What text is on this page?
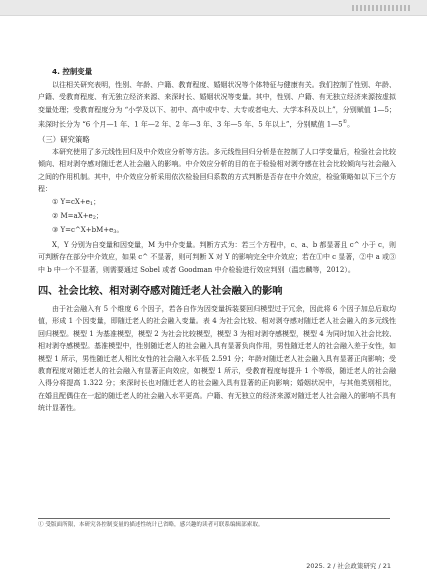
4. 控制变量

以往相关研究表明，性别、年龄、户籍、教育程度、婚姻状况等个体特征与健康有关。我们控制了性别、年龄、户籍、受教育程度、有无独立经济来源、来深时长、婚姻状况等变量。其中，性别、户籍、有无独立经济来源按虚拟变量处理；受教育程度分为 “小学及以下、初中、高中或中专、大专或者电大、大学本科及以上”，分别赋值 1—5；来深时长分为 “6 个月—1 年、1 年—2 年、2 年—3 年、3 年—5 年、5 年以上”，分别赋值 1—5①。

（三）研究策略

本研究使用了多元线性回归及中介效应分析等方法。多元线性回归分析是在控制了人口学变量后，检验社会比较倾向、相对剥夺感对随迁老人社会融入的影响。中介效应分析的目的在于检验相对剥夺感在社会比较倾向与社会融入之间的作用机制。其中，中介效应分析采用依次检验回归系数的方式判断是否存在中介效应，检验策略如以下三个方程：

① $Y=cX+e_1$；
② $M=aX+e_2$；
③ $Y=c\^{}X+bM+e_3$。

X，Y 分别为自变量和因变量，M 为中介变量。判断方式为：若三个方程中，c、a、b 都显著且 c^ 小于 c，则可判断存在部分中介效应，如果 c^ 不显著，则可判断 X 对 Y 的影响完全中介效应；若在①中 c 显著，②中 a 或③中 b 中一个不显著，则需要通过 Sobel 或者 Goodman 中介检验进行效应判别（温忠麟等，2012）。

四、社会比较、相对剥夺感对随迁老人社会融入的影响

由于社会融入有 5 个维度 6 个因子，若各自作为因变量拆装要回归模型过于冗余，因此将 6 个因子加总后取均值，形成 1 个因变量，即随迁老人的社会融入变量。表 4 为社会比较、相对剥夺感对随迁老人社会融入的多元线性回归模型。模型 1 为基准模型，模型 2 为社会比较模型，模型 3 为相对剥夺感模型，模型 4 为同时加入社会比较、相对剥夺感模型。基准模型中，性别随迁老人的社会融入具有显著负向作用，男性随迁老人的社会融入差于女性，如模型 1 所示，男性随迁老人相比女性的社会融入水平低 2.591 分；年龄对随迁老人社会融入具有显著正向影响；受教育程度对随迁老人的社会融入有显著正向效应，如模型 1 所示，受教育程度每提升 1 个等级，随迁老人的社会融入得分将提高 1.322 分；来深时长也对随迁老人的社会融入具有显著的正向影响；婚姻状况中，与其他类别相比，在婚且配偶住在一起的随迁老人的社会融入水平更高。户籍、有无独立的经济来源对随迁老人社会融入的影响不具有统计显著性。

① 受版面所限，本研究各控制变量的描述性统计已省略，感兴趣的读者可联系编辑部索取。
2025. 2 / 社会政策研究 / 21
